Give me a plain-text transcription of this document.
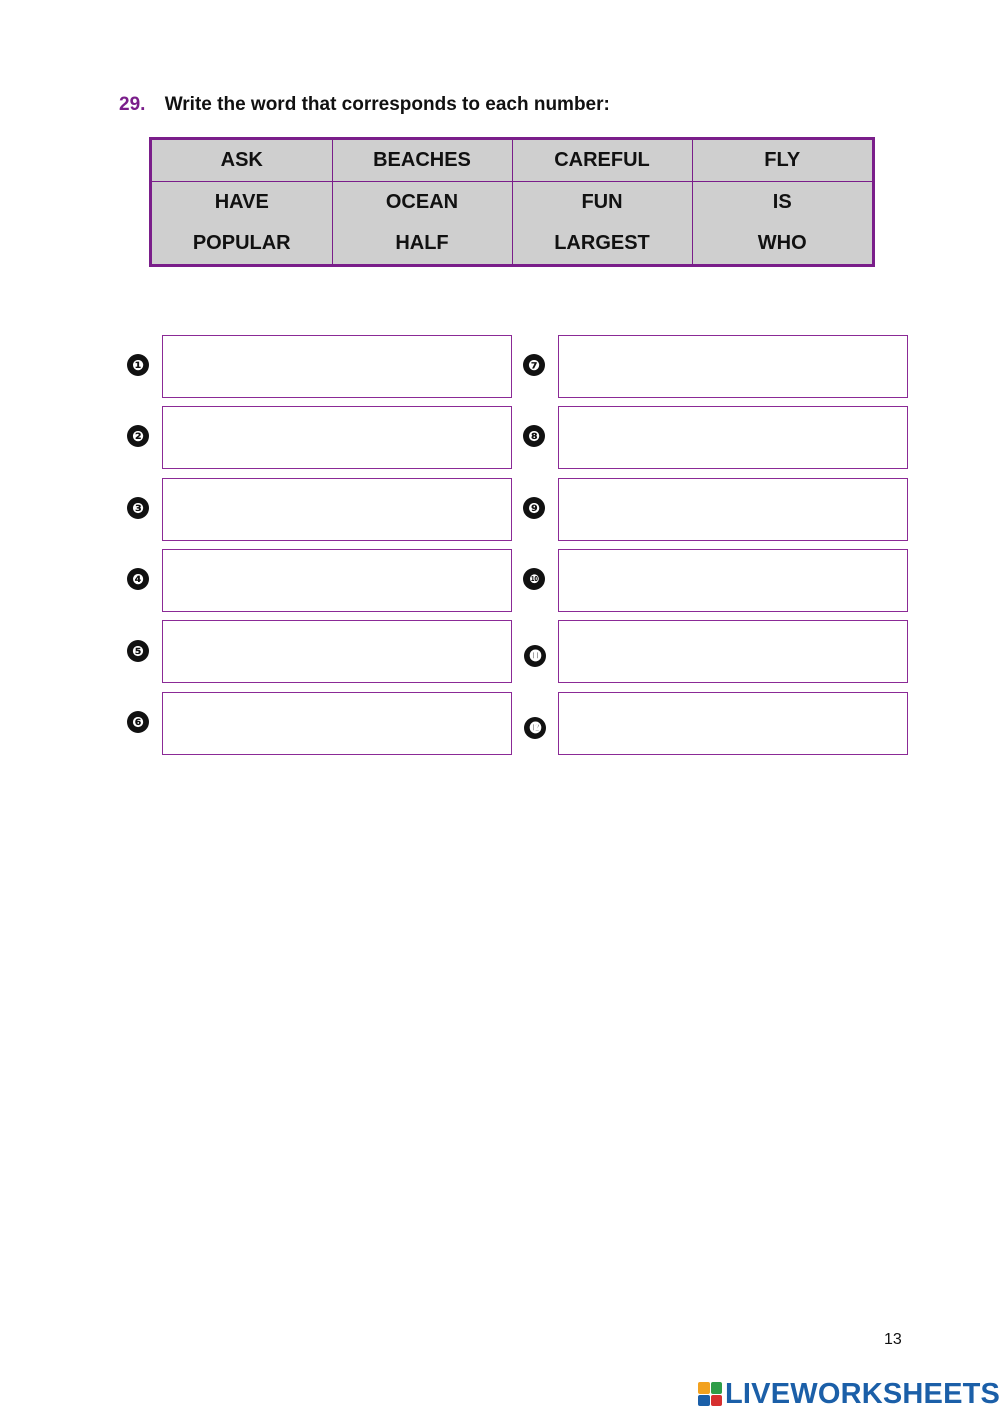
29. Write the word that corresponds to each number:
ASK	BEACHES	CAREFUL	FLY
HAVE	OCEAN	FUN	IS
POPULAR	HALF	LARGEST	WHO
❶
❷
❸
❹
❺
❻
❼
❽
❾
❿
⓫
⓬
13
LIVEWORKSHEETS
